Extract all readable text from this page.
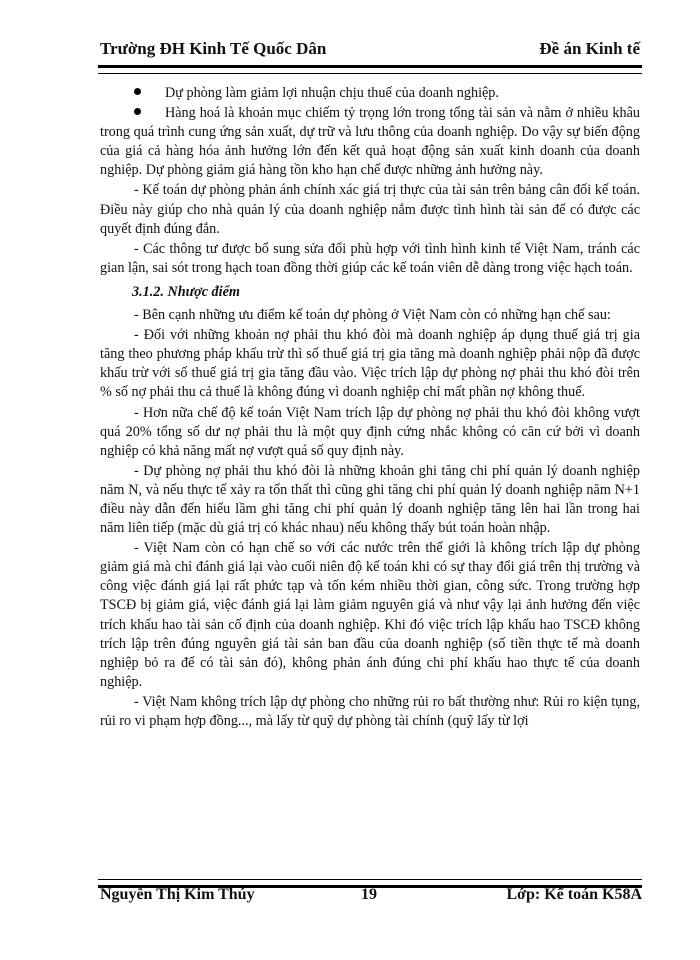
Trường ĐH Kinh Tế Quốc Dân	Đề án Kinh tế

Dự phòng làm giảm lợi nhuận chịu thuế của doanh nghiệp.

Hàng hoá là khoản mục chiếm tỷ trọng lớn trong tổng tài sản và nằm ở nhiều khâu trong quá trình cung ứng sản xuất, dự trữ và lưu thông của doanh nghiệp. Do vậy sự biến động của giá cả hàng hóa ảnh hưởng lớn đến kết quả hoạt động sản xuất kinh doanh của doanh nghiệp. Dự phòng giảm giá hàng tồn kho hạn chế được những ảnh hưởng này.

- Kế toán dự phòng phản ánh chính xác giá trị thực của tài sản trên bảng cân đối kế toán. Điều này giúp cho nhà quản lý của doanh nghiệp nắm được tình hình tài sản để có được các quyết định đúng đắn.

- Các thông tư được bổ sung sửa đổi phù hợp với tình hình kinh tế Việt Nam, tránh các gian lận, sai sót trong hạch toan đồng thời giúp các kế toán viên dễ dàng trong việc hạch toán.

3.1.2. Nhược điểm

- Bên cạnh những ưu điểm kế toán dự phòng ở Việt Nam còn có những hạn chế sau:

- Đối với những khoản nợ phải thu khó đòi mà doanh nghiệp áp dụng thuế giá trị gia tăng theo phương pháp khấu trừ thì số thuế giá trị gia tăng mà doanh nghiệp phải nộp đã được khấu trừ với số thuế giá trị gia tăng đầu vào. Việc trích lập dự phòng nợ phải thu khó đòi trên % số nợ phải thu cả thuế là không đúng vì doanh nghiệp chỉ mất phần nợ không thuế.

- Hơn nữa chế độ kế toán Việt Nam trích lập dự phòng nợ phải thu khó đòi không vượt quá 20% tổng số dư nợ phải thu là một quy định cứng nhắc không có căn cứ bởi vì doanh nghiệp có khả năng mất nợ vượt quá số quy định này.

- Dự phòng nợ phải thu khó đòi là những khoản ghi tăng chi phí quản lý doanh nghiệp năm N, và nếu thực tế xảy ra tổn thất thì cũng ghi tăng chi phí quản lý doanh nghiệp năm N+1 điều này dẫn đến hiểu lầm ghi tăng chi phí quản lý doanh nghiệp tăng lên hai lần trong hai năm liên tiếp (mặc dù giá trị có khác nhau) nếu không thấy bút toán hoàn nhập.

- Việt Nam còn có hạn chế so với các nước trên thế giới là không trích lập dự phòng giảm giá mà chỉ đánh giá lại vào cuối niên độ kế toán khi có sự thay đổi giá trên thị trường và công việc đánh giá lại rất phức tạp và tốn kém nhiều thời gian, công sức. Trong trường hợp TSCĐ bị giảm giá, việc đánh giá lại làm giảm nguyên giá và như vậy lại ảnh hưởng đến việc trích khấu hao tài sản cố định của doanh nghiệp. Khi đó việc trích lập khấu hao TSCĐ không trích lập trên đúng nguyên giá tài sản ban đầu của doanh nghiệp (số tiền thực tế mà doanh nghiệp bỏ ra để có tài sản đó), không phản ánh đúng chi phí khấu hao thực tế của doanh nghiệp.

- Việt Nam không trích lập dự phòng cho những rủi ro bất thường như: Rủi ro kiện tụng, rủi ro vi phạm hợp đồng..., mà lấy từ quỹ dự phòng tài chính (quỹ lấy từ lợi

Nguyễn Thị Kim Thúy	19	Lớp: Kế toán K58A
